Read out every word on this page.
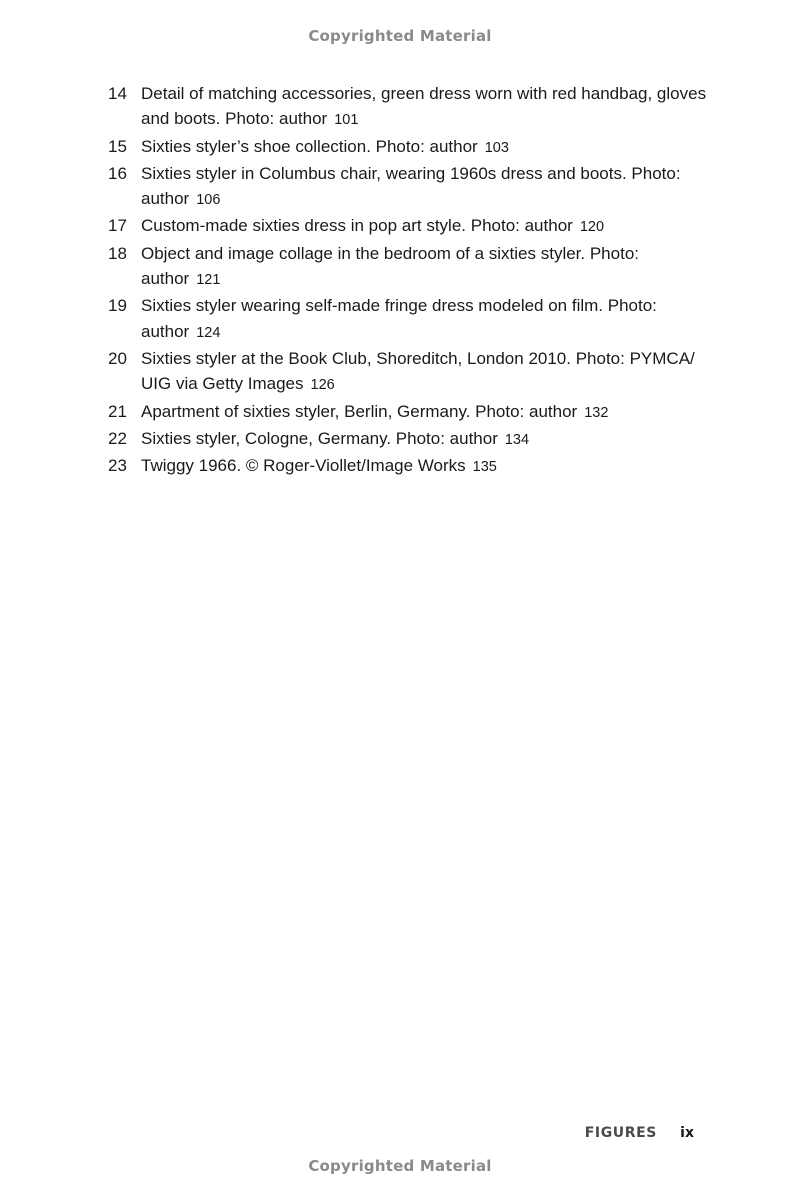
Copyrighted Material
14 Detail of matching accessories, green dress worn with red handbag, gloves and boots. Photo: author 101
15 Sixties styler’s shoe collection. Photo: author 103
16 Sixties styler in Columbus chair, wearing 1960s dress and boots. Photo: author 106
17 Custom-made sixties dress in pop art style. Photo: author 120
18 Object and image collage in the bedroom of a sixties styler. Photo: author 121
19 Sixties styler wearing self-made fringe dress modeled on film. Photo: author 124
20 Sixties styler at the Book Club, Shoreditch, London 2010. Photo: PYMCA/ UIG via Getty Images 126
21 Apartment of sixties styler, Berlin, Germany. Photo: author 132
22 Sixties styler, Cologne, Germany. Photo: author 134
23 Twiggy 1966. © Roger-Viollet/Image Works 135
FIGURES ix
Copyrighted Material
